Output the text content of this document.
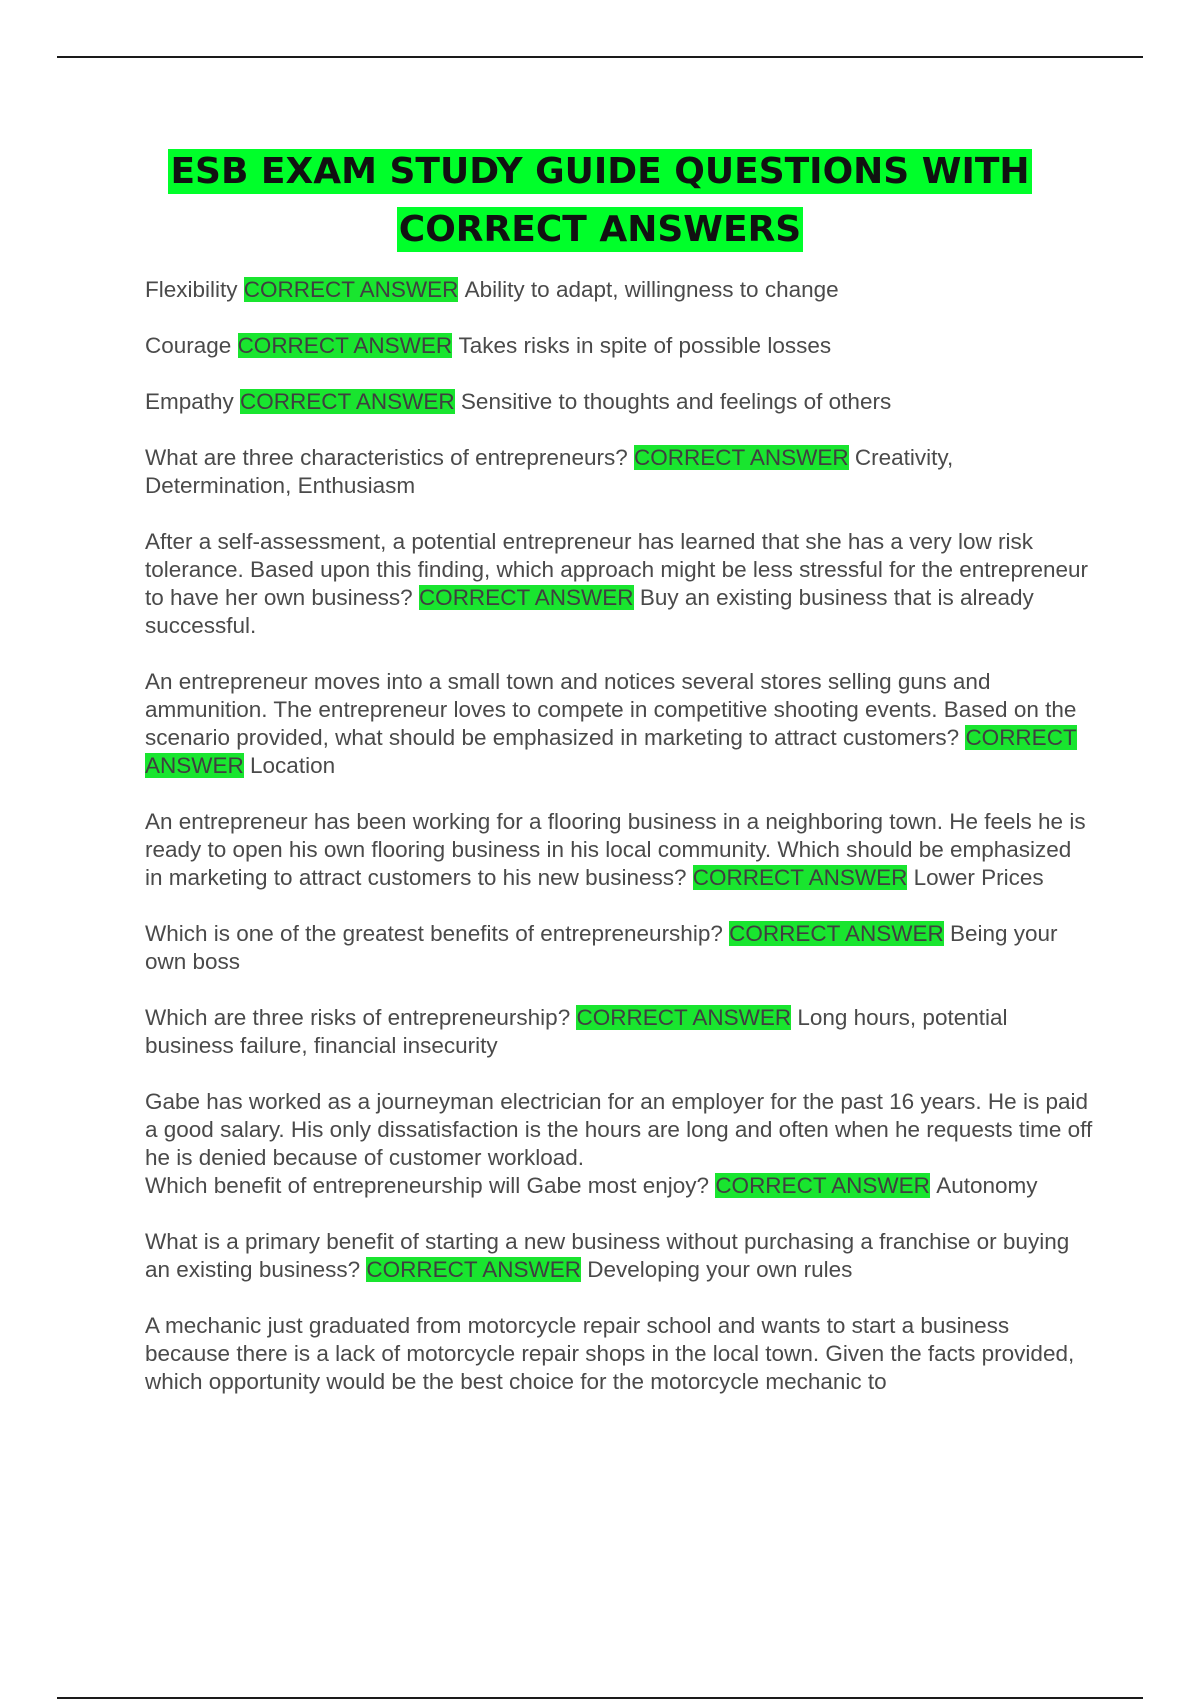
ESB EXAM STUDY GUIDE QUESTIONS WITH
CORRECT ANSWERS

Flexibility CORRECT ANSWER Ability to adapt, willingness to change

Courage CORRECT ANSWER Takes risks in spite of possible losses

Empathy CORRECT ANSWER Sensitive to thoughts and feelings of others

What are three characteristics of entrepreneurs? CORRECT ANSWER Creativity, Determination, Enthusiasm

After a self-assessment, a potential entrepreneur has learned that she has a very low risk tolerance. Based upon this finding, which approach might be less stressful for the entrepreneur to have her own business? CORRECT ANSWER Buy an existing business that is already successful.

An entrepreneur moves into a small town and notices several stores selling guns and ammunition. The entrepreneur loves to compete in competitive shooting events. Based on the scenario provided, what should be emphasized in marketing to attract customers? CORRECT ANSWER Location

An entrepreneur has been working for a flooring business in a neighboring town. He feels he is ready to open his own flooring business in his local community. Which should be emphasized in marketing to attract customers to his new business? CORRECT ANSWER Lower Prices

Which is one of the greatest benefits of entrepreneurship? CORRECT ANSWER Being your own boss

Which are three risks of entrepreneurship? CORRECT ANSWER Long hours, potential business failure, financial insecurity

Gabe has worked as a journeyman electrician for an employer for the past 16 years. He is paid a good salary. His only dissatisfaction is the hours are long and often when he requests time off he is denied because of customer workload.
Which benefit of entrepreneurship will Gabe most enjoy? CORRECT ANSWER Autonomy

What is a primary benefit of starting a new business without purchasing a franchise or buying an existing business? CORRECT ANSWER Developing your own rules

A mechanic just graduated from motorcycle repair school and wants to start a business because there is a lack of motorcycle repair shops in the local town. Given the facts provided, which opportunity would be the best choice for the motorcycle mechanic to
